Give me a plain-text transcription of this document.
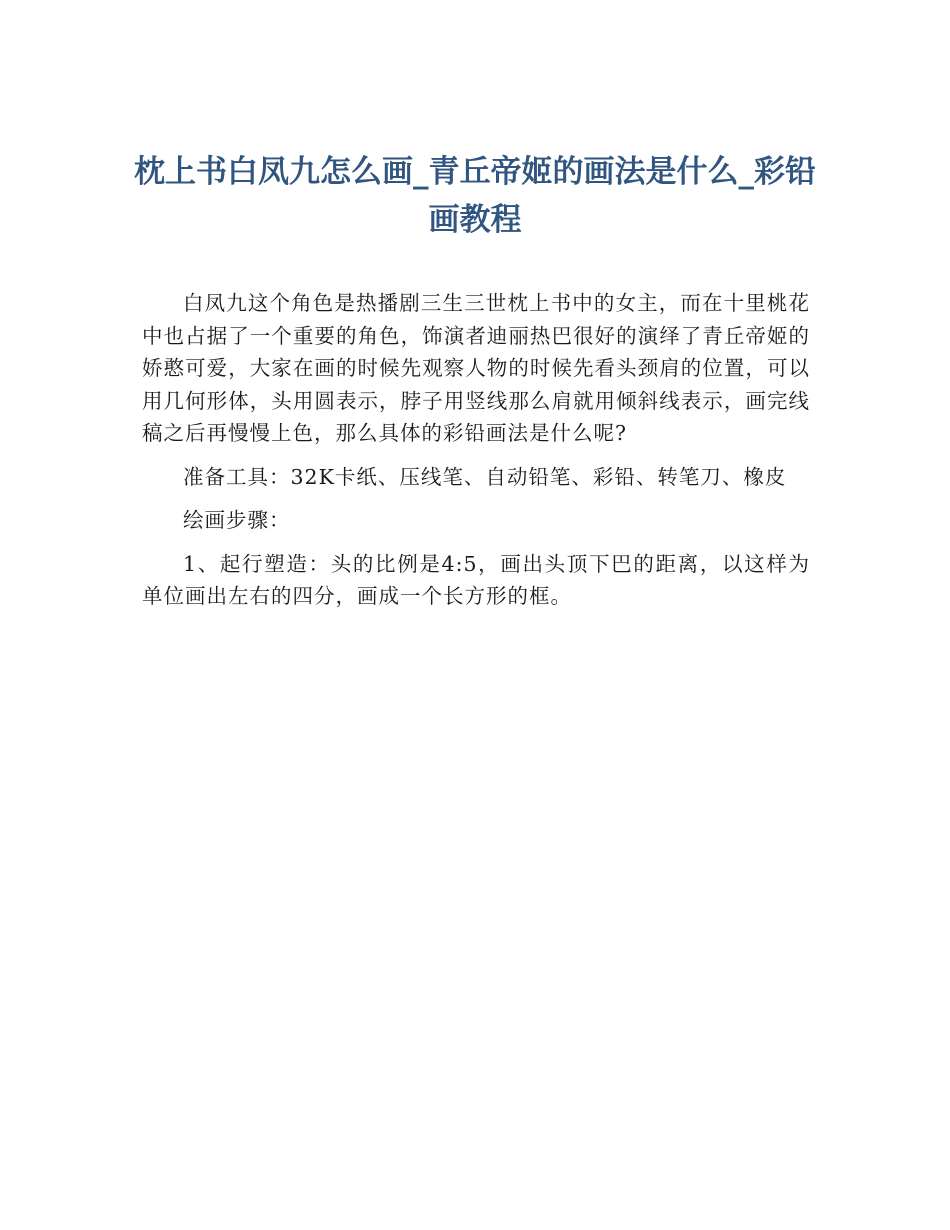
枕上书白凤九怎么画_青丘帝姬的画法是什么_彩铅画教程

白凤九这个角色是热播剧三生三世枕上书中的女主，而在十里桃花中也占据了一个重要的角色，饰演者迪丽热巴很好的演绎了青丘帝姬的娇憨可爱，大家在画的时候先观察人物的时候先看头颈肩的位置，可以用几何形体，头用圆表示，脖子用竖线那么肩就用倾斜线表示，画完线稿之后再慢慢上色，那么具体的彩铅画法是什么呢?

准备工具：32K卡纸、压线笔、自动铅笔、彩铅、转笔刀、橡皮

绘画步骤：

1、起行塑造：头的比例是4:5，画出头顶下巴的距离，以这样为单位画出左右的四分，画成一个长方形的框。
